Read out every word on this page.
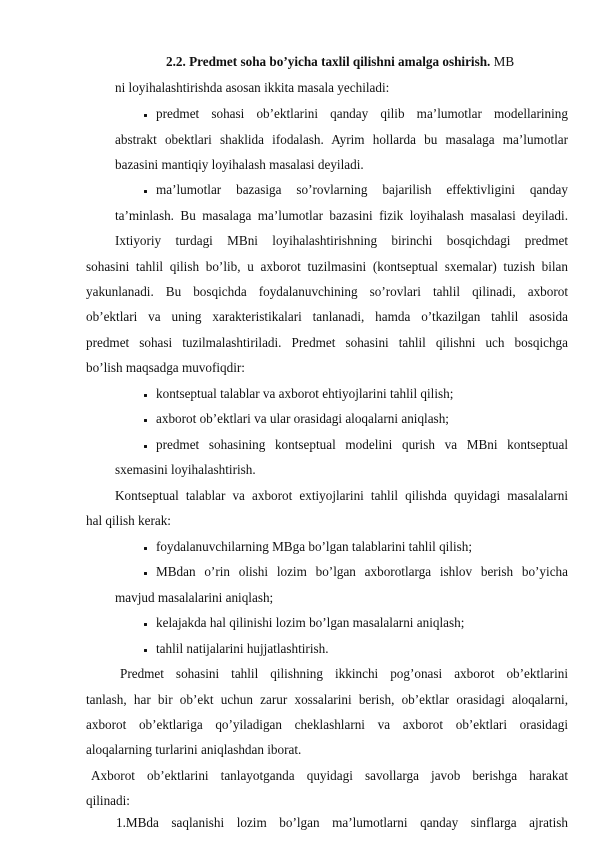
2.2. Predmet soha bo’yicha taxlil qilishni amalga oshirish. MB
ni loyihalashtirishda asosan ikkita masala yechiladi:
predmet sohasi ob’ektlarini qanday qilib ma’lumotlar modellarining
abstrakt obektlari shaklida ifodalash. Ayrim hollarda bu masalaga ma’lumotlar
bazasini mantiqiy loyihalash masalasi deyiladi.
ma’lumotlar bazasiga so’rovlarning bajarilish effektivligini qanday
ta’minlash. Bu masalaga ma’lumotlar bazasini fizik loyihalash masalasi deyiladi.
Ixtiyoriy turdagi MBni loyihalashtirishning birinchi bosqichdagi predmet
sohasini tahlil qilish bo’lib, u axborot tuzilmasini (kontseptual sxemalar) tuzish bilan
yakunlanadi. Bu bosqichda foydalanuvchining so’rovlari tahlil qilinadi, axborot
ob’ektlari va uning xarakteristikalari tanlanadi, hamda o’tkazilgan tahlil asosida
predmet sohasi tuzilmalashtiriladi. Predmet sohasini tahlil qilishni uch bosqichga
bo’lish maqsadga muvofiqdir:
kontseptual talablar va axborot ehtiyojlarini tahlil qilish;
axborot ob’ektlari va ular orasidagi aloqalarni aniqlash;
predmet sohasining kontseptual modelini qurish va MBni kontseptual
sxemasini loyihalashtirish.
Kontseptual talablar va axborot extiyojlarini tahlil qilishda quyidagi masalalarni
hal qilish kerak:
foydalanuvchilarning MBga bo’lgan talablarini tahlil qilish;
MBdan o’rin olishi lozim bo’lgan axborotlarga ishlov berish bo’yicha
mavjud masalalarini aniqlash;
kelajakda hal qilinishi lozim bo’lgan masalalarni aniqlash;
tahlil natijalarini hujjatlashtirish.
Predmet sohasini tahlil qilishning ikkinchi pog’onasi axborot ob’ektlarini
tanlash, har bir ob’ekt uchun zarur xossalarini berish, ob’ektlar orasidagi aloqalarni,
axborot ob’ektlariga qo’yiladigan cheklashlarni va axborot ob’ektlari orasidagi
aloqalarning turlarini aniqlashdan iborat.
Axborot ob’ektlarini tanlayotganda quyidagi savollarga javob berishga harakat
qilinadi:
1.MBda saqlanishi lozim bo’lgan ma’lumotlarni qanday sinflarga ajratish
